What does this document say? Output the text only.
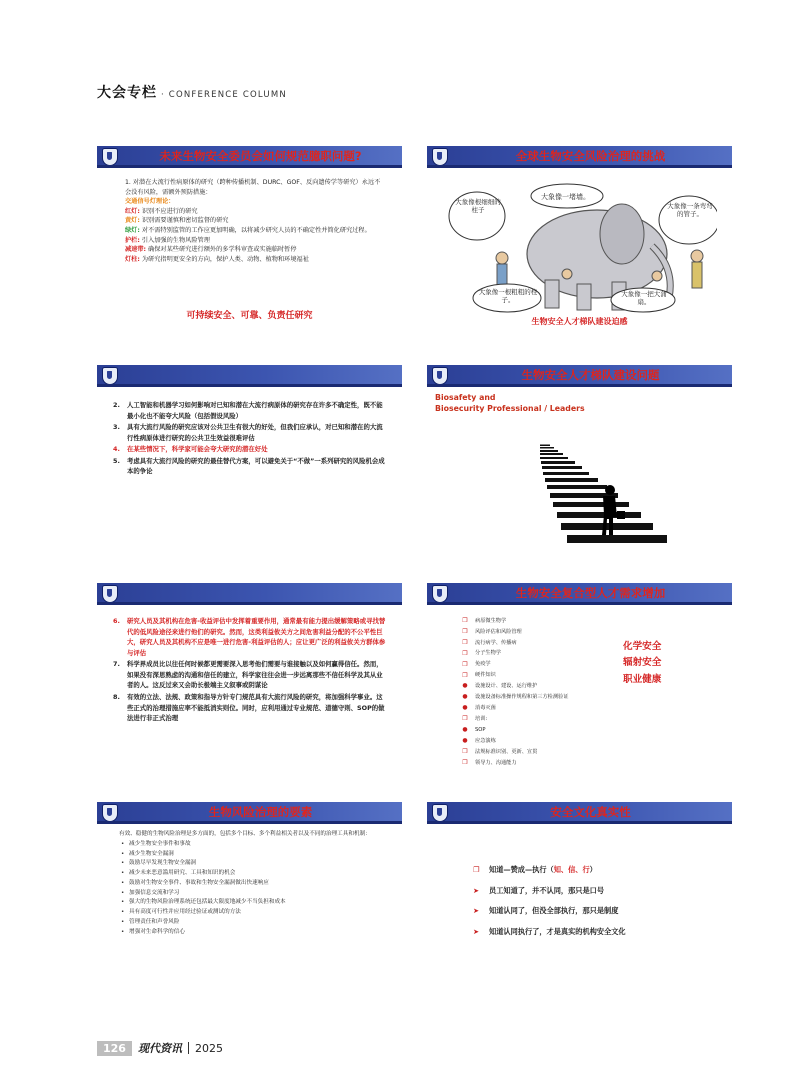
大会专栏 · CONFERENCE COLUMN
未来生物安全委员会如何规范臆职问题?
1. 对潜在大流行性病原体的研究（跨种传播机制、DURC、GOF、反向遗传学等研究）永远不会没有风险，需额外预防措施：
交通信号灯理论：
红灯: 识别不应进行的研究
黄灯: 识别需要谨慎和密切监督的研究
绿灯: 对不需特别监管的工作应更加明确，以将减少研究人员的不确定性并简化研究过程。
护栏: 引入加强的生物风险管理
减速带: 确保对某些研究进行额外的多学科审查或实施临时暂停
灯柱: 为研究指明更安全的方向，保护人类、动物、植物和环境福祉
可持续安全、可靠、负责任研究
全球生物安全风险治理的挑战
大象像一堵墙。
大象像根细细的柱子
大象像一条弯弯的管子。
大象像一根粗粗的柱子。
大象像一把大蒲扇。
生物安全人才梯队建设迫感
2.	人工智能和机器学习如何影响对已知和潜在大流行病原体的研究存在许多不确定性，既不能最小化也不能夸大风险（包括假设风险）
3.	具有大流行风险的研究应该对公共卫生有很大的好处，但我们应承认，对已知和潜在的大流行性病原体进行研究的公共卫生效益很难评估
4.	在某些情况下，科学家可能会夸大研究的潜在好处
5.	考虑具有大流行风险的研究的最佳替代方案，可以避免关于“不做”一系列研究的风险机会成本的争论
生物安全人才梯队建设问题
Biosafety and
Biosecurity Professional / Leaders
6.	研究人员及其机构在危害-收益评估中发挥着重要作用，通常最有能力提出缓解策略或寻找替代的低风险途径来进行他们的研究。然而，这类利益攸关方之间危害利益分配的不公平性巨大，研究人员及其机构不应是唯一进行危害-利益评估的人；应让更广泛的利益攸关方群体参与评估
7.	科学界成员比以往任何时候都更需要深入思考他们需要与谁接触以及如何赢得信任。然而，如果没有深思熟虑的沟通和信任的建立，科学家往往会进一步远离那些不信任科学及其从业者的人。这反过来又会助长极端主义叙事或阴谋论
8.	有效的立法、法规、政策和指导方针专门规范具有大流行风险的研究，将加强科学事业。这些正式的治理措施应率不能抵消实则位。同时，应利用通过专业规范、道德守则、SOP的做法进行非正式治理
生物安全复合型人才需求增加
❐ 病原微生物学
❐ 风险评估和风险管理
❐ 流行病学、传播病
❐ 分子生物学
❐ 免疫学
❐ 硬件知识
● 设施设计、建设、运行维护
● 设施设备标准操作规程和第三方检测验证
● 消毒灭菌
❐ 培训:
● SOP
● 应急演练
❐ 法规标准识别、更新、宣贯
❐ 领导力、沟通能力
化学安全
辐射安全
职业健康
生物风险治理的要素
有效、稳健的生物风险治理是多方面的，包括多个目标、多个利益相关者以及不同的治理工具和机制：
• 减少生物安全事件和事故
• 减少生物安全漏洞
• 鼓励尽早发现生物安全漏洞
• 减少未来恶意滥用研究、工具和知识的机会
• 鼓励对生物安全事件、事故和生物安全漏洞做出快速响应
• 加强信息交流和学习
• 强大的生物风险治理系统还包括最大限度地减少不当负担和成本
• 具有高度可行性并应用经过验证或测试的方法
• 管理责任和声誉风险
• 增强对生命科学的信心
安全文化真实性
❐	知道—赞成—执行（知、信、行）
➤	员工知道了，并不认同，那只是口号
➤	知道认同了，但没全部执行，那只是制度
➤	知道认同执行了，才是真实的机构安全文化
126	现代资讯 2025
